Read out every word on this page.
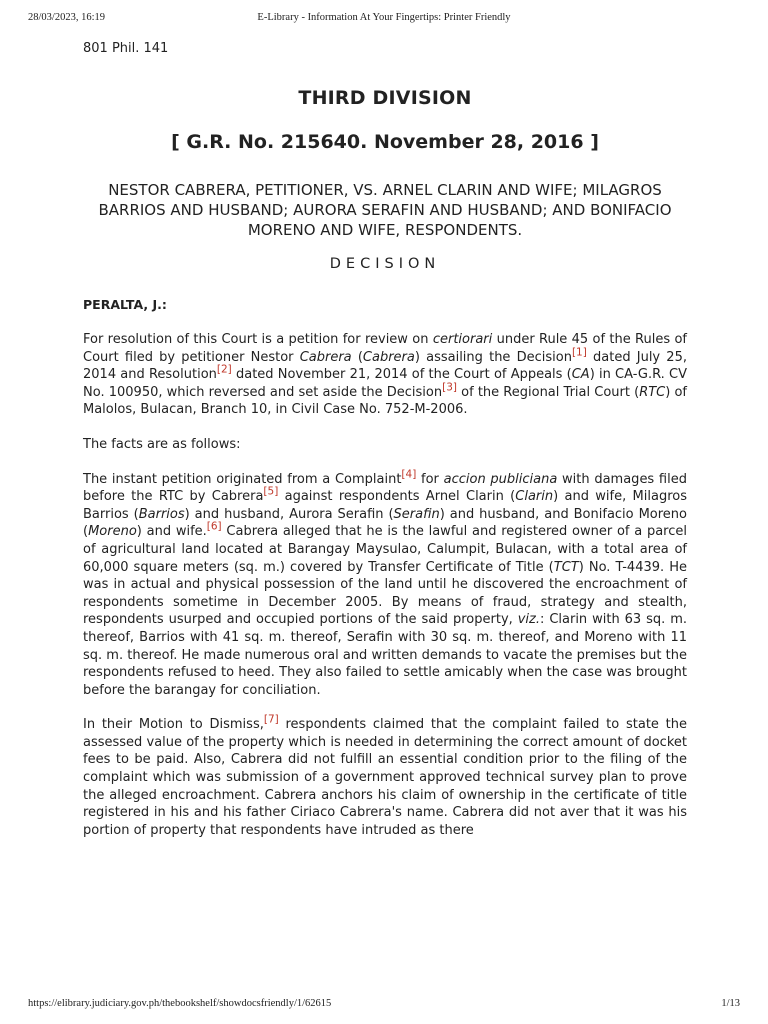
28/03/2023, 16:19	E-Library - Information At Your Fingertips: Printer Friendly

801 Phil. 141

THIRD DIVISION
[ G.R. No. 215640. November 28, 2016 ]
NESTOR CABRERA, PETITIONER, VS. ARNEL CLARIN AND WIFE; MILAGROS BARRIOS AND HUSBAND; AURORA SERAFIN AND HUSBAND; AND BONIFACIO MORENO AND WIFE, RESPONDENTS.
DECISION
PERALTA, J.:

For resolution of this Court is a petition for review on certiorari under Rule 45 of the Rules of Court filed by petitioner Nestor Cabrera (Cabrera) assailing the Decision[1] dated July 25, 2014 and Resolution[2] dated November 21, 2014 of the Court of Appeals (CA) in CA-G.R. CV No. 100950, which reversed and set aside the Decision[3] of the Regional Trial Court (RTC) of Malolos, Bulacan, Branch 10, in Civil Case No. 752-M-2006.

The facts are as follows:

The instant petition originated from a Complaint[4] for accion publiciana with damages filed before the RTC by Cabrera[5] against respondents Arnel Clarin (Clarin) and wife, Milagros Barrios (Barrios) and husband, Aurora Serafin (Serafin) and husband, and Bonifacio Moreno (Moreno) and wife.[6] Cabrera alleged that he is the lawful and registered owner of a parcel of agricultural land located at Barangay Maysulao, Calumpit, Bulacan, with a total area of 60,000 square meters (sq. m.) covered by Transfer Certificate of Title (TCT) No. T-4439. He was in actual and physical possession of the land until he discovered the encroachment of respondents sometime in December 2005. By means of fraud, strategy and stealth, respondents usurped and occupied portions of the said property, viz.: Clarin with 63 sq. m. thereof, Barrios with 41 sq. m. thereof, Serafin with 30 sq. m. thereof, and Moreno with 11 sq. m. thereof. He made numerous oral and written demands to vacate the premises but the respondents refused to heed. They also failed to settle amicably when the case was brought before the barangay for conciliation.

In their Motion to Dismiss,[7] respondents claimed that the complaint failed to state the assessed value of the property which is needed in determining the correct amount of docket fees to be paid. Also, Cabrera did not fulfill an essential condition prior to the filing of the complaint which was submission of a government approved technical survey plan to prove the alleged encroachment. Cabrera anchors his claim of ownership in the certificate of title registered in his and his father Ciriaco Cabrera's name. Cabrera did not aver that it was his portion of property that respondents have intruded as there

https://elibrary.judiciary.gov.ph/thebookshelf/showdocsfriendly/1/62615	1/13
